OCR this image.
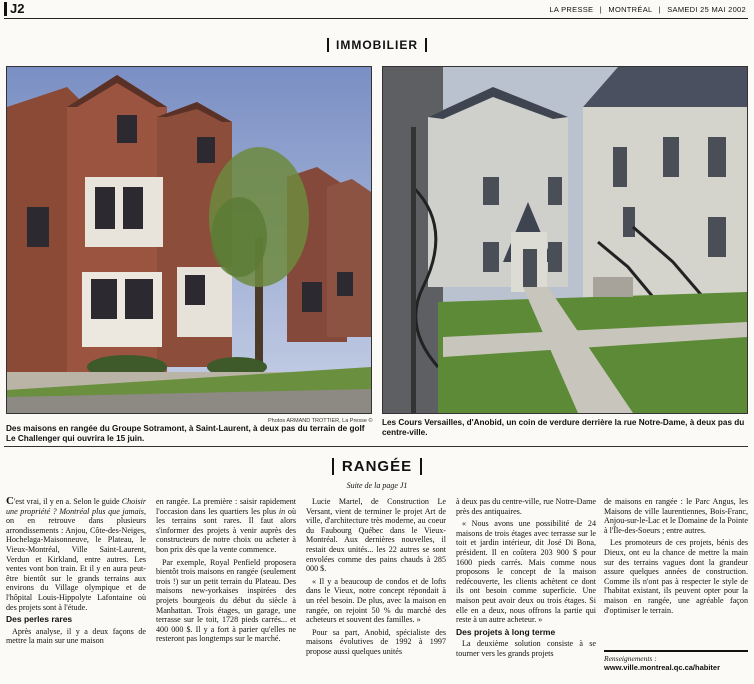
J2	LA PRESSE | MONTRÉAL | SAMEDI 25 MAI 2002
IMMOBILIER
Photos ARMAND TROTTIER, La Presse ©
Des maisons en rangée du Groupe Sotramont, à Saint-Laurent, à deux pas du terrain de golf Le Challenger qui ouvrira le 15 juin.
Les Cours Versailles, d'Anobid, un coin de verdure derrière la rue Notre-Dame, à deux pas du centre-ville.
RANGÉE
Suite de la page J1

C'est vrai, il y en a. Selon le guide Choisir une propriété ? Montréal plus que jamais, on en retrouve dans plusieurs arrondissements : Anjou, Côte-des-Neiges, Hochelaga-Maisonneuve, le Plateau, le Vieux-Montréal, Ville Saint-Laurent, Verdun et Kirkland, entre autres. Les ventes vont bon train. Et il y en aura peut-être bientôt sur le grands terrains aux environs du Village olympique et de l'hôpital Louis-Hippolyte Lafontaine où des projets sont à l'étude.

Des perles rares

Après analyse, il y a deux façons de mettre la main sur une maison

en rangée. La première : saisir rapidement l'occasion dans les quartiers les plus in où les terrains sont rares. Il faut alors s'informer des projets à venir auprès des constructeurs de notre choix ou acheter à bon prix dès que la vente commence.

Par exemple, Royal Penfield proposera bientôt trois maisons en rangée (seulement trois !) sur un petit terrain du Plateau. Des maisons new-yorkaises inspirées des projets bourgeois du début du siècle à Manhattan. Trois étages, un garage, une terrasse sur le toit, 1728 pieds carrés... et 400 000 $. Il y a fort à parier qu'elles ne resteront pas longtemps sur le marché.

Lucie Martel, de Construction Le Versant, vient de terminer le projet Art de ville, d'architecture très moderne, au coeur du Faubourg Québec dans le Vieux-Montréal. Aux dernières nouvelles, il restait deux unités... les 22 autres se sont envolées comme des pains chauds à 285 000 $.

« Il y a beaucoup de condos et de lofts dans le Vieux, notre concept répondait à un réel besoin. De plus, avec la maison en rangée, on rejoint 50 % du marché des acheteurs et souvent des familles. »

Pour sa part, Anobid, spécialiste des maisons évolutives de 1992 à 1997 propose aussi quelques unités

à deux pas du centre-ville, rue Notre-Dame près des antiquaires.

« Nous avons une possibilité de 24 maisons de trois étages avec terrasse sur le toit et jardin intérieur, dit José Di Bona, président. Il en coûtera 203 900 $ pour 1600 pieds carrés. Mais comme nous proposons le concept de la maison redécouverte, les clients achètent ce dont ils ont besoin comme superficie. Une maison peut avoir deux ou trois étages. Si elle en a deux, nous offrons la partie qui reste à un autre acheteur. »

Des projets à long terme

La deuxième solution consiste à se tourner vers les grands projets

de maisons en rangée : le Parc Angus, les Maisons de ville laurentiennes, Bois-Franc, Anjou-sur-le-Lac et le Domaine de la Pointe à l'Île-des-Soeurs ; entre autres.

Les promoteurs de ces projets, bénis des Dieux, ont eu la chance de mettre la main sur des terrains vagues dont la grandeur assure quelques années de construction. Comme ils n'ont pas à respecter le style de l'habitat existant, ils peuvent opter pour la maison en rangée, une agréable façon d'optimiser le terrain.

Renseignements :
www.ville.montreal.qc.ca/habiter
